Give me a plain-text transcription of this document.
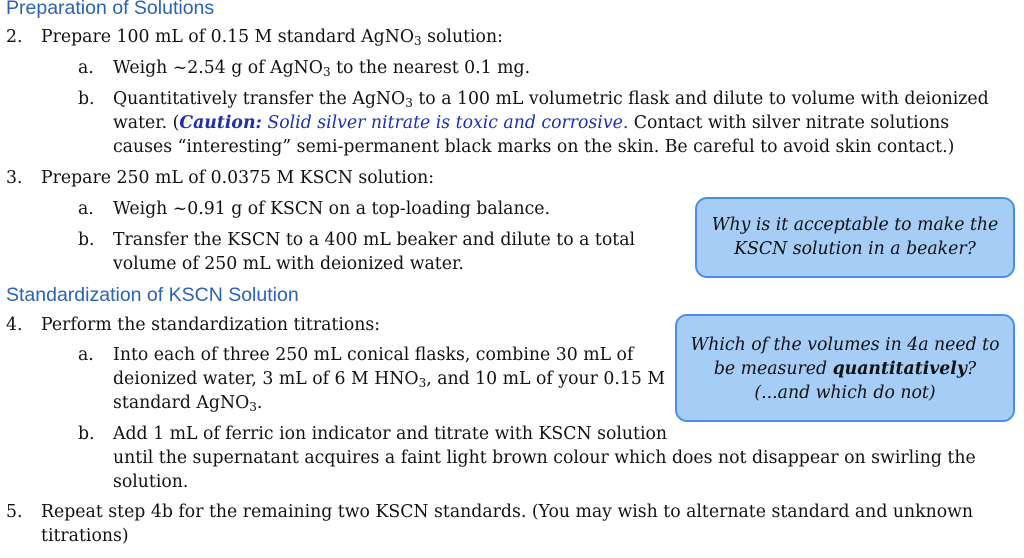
Preparation of Solutions
2. Prepare 100 mL of 0.15 M standard AgNO$_3$ solution:
a. Weigh ~2.54 g of AgNO$_3$ to the nearest 0.1 mg.
b. Quantitatively transfer the AgNO$_3$ to a 100 mL volumetric flask and dilute to volume with deionized
water. (Caution: Solid silver nitrate is toxic and corrosive. Contact with silver nitrate solutions
causes “interesting” semi-permanent black marks on the skin. Be careful to avoid skin contact.)
3. Prepare 250 mL of 0.0375 M KSCN solution:
a. Weigh ~0.91 g of KSCN on a top-loading balance.
b. Transfer the KSCN to a 400 mL beaker and dilute to a total
volume of 250 mL with deionized water.
Why is it acceptable to make the
KSCN solution in a beaker?
Standardization of KSCN Solution
4. Perform the standardization titrations:
a. Into each of three 250 mL conical flasks, combine 30 mL of
deionized water, 3 mL of 6 M $HNO_3$, and 10 mL of your 0.15 M
standard AgNO$_3$.
Which of the volumes in 4a need to
be measured quantitatively?
(...and which do not)
b. Add 1 mL of ferric ion indicator and titrate with KSCN solution
until the supernatant acquires a faint light brown colour which does not disappear on swirling the
solution.
5. Repeat step 4b for the remaining two KSCN standards. (You may wish to alternate standard and unknown
titrations)
